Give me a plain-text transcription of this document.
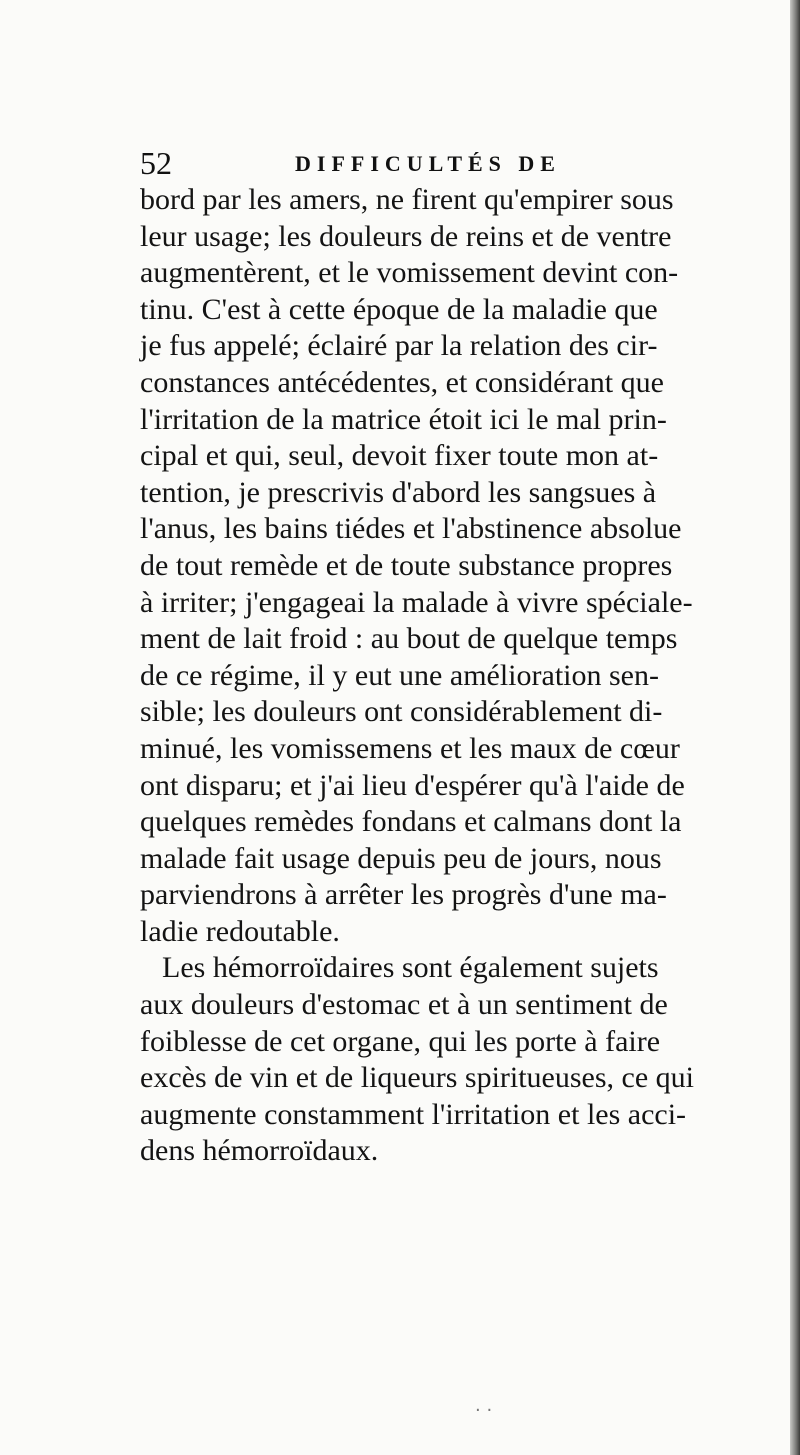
52	DIFFICULTÉS DE
bord par les amers, ne firent qu'empirer sous
leur usage; les douleurs de reins et de ventre
augmentèrent, et le vomissement devint con-
tinu. C'est à cette époque de la maladie que
je fus appelé; éclairé par la relation des cir-
constances antécédentes, et considérant que
l'irritation de la matrice étoit ici le mal prin-
cipal et qui, seul, devoit fixer toute mon at-
tention, je prescrivis d'abord les sangsues à
l'anus, les bains tiédes et l'abstinence absolue
de tout remède et de toute substance propres
à irriter; j'engageai la malade à vivre spéciale-
ment de lait froid : au bout de quelque temps
de ce régime, il y eut une amélioration sen-
sible; les douleurs ont considérablement di-
minué, les vomissemens et les maux de cœur
ont disparu; et j'ai lieu d'espérer qu'à l'aide de
quelques remèdes fondans et calmans dont la
malade fait usage depuis peu de jours, nous
parviendrons à arrêter les progrès d'une ma-
ladie redoutable.
Les hémorroïdaires sont également sujets
aux douleurs d'estomac et à un sentiment de
foiblesse de cet organe, qui les porte à faire
excès de vin et de liqueurs spiritueuses, ce qui
augmente constamment l'irritation et les acci-
dens hémorroïdaux.
· ·
